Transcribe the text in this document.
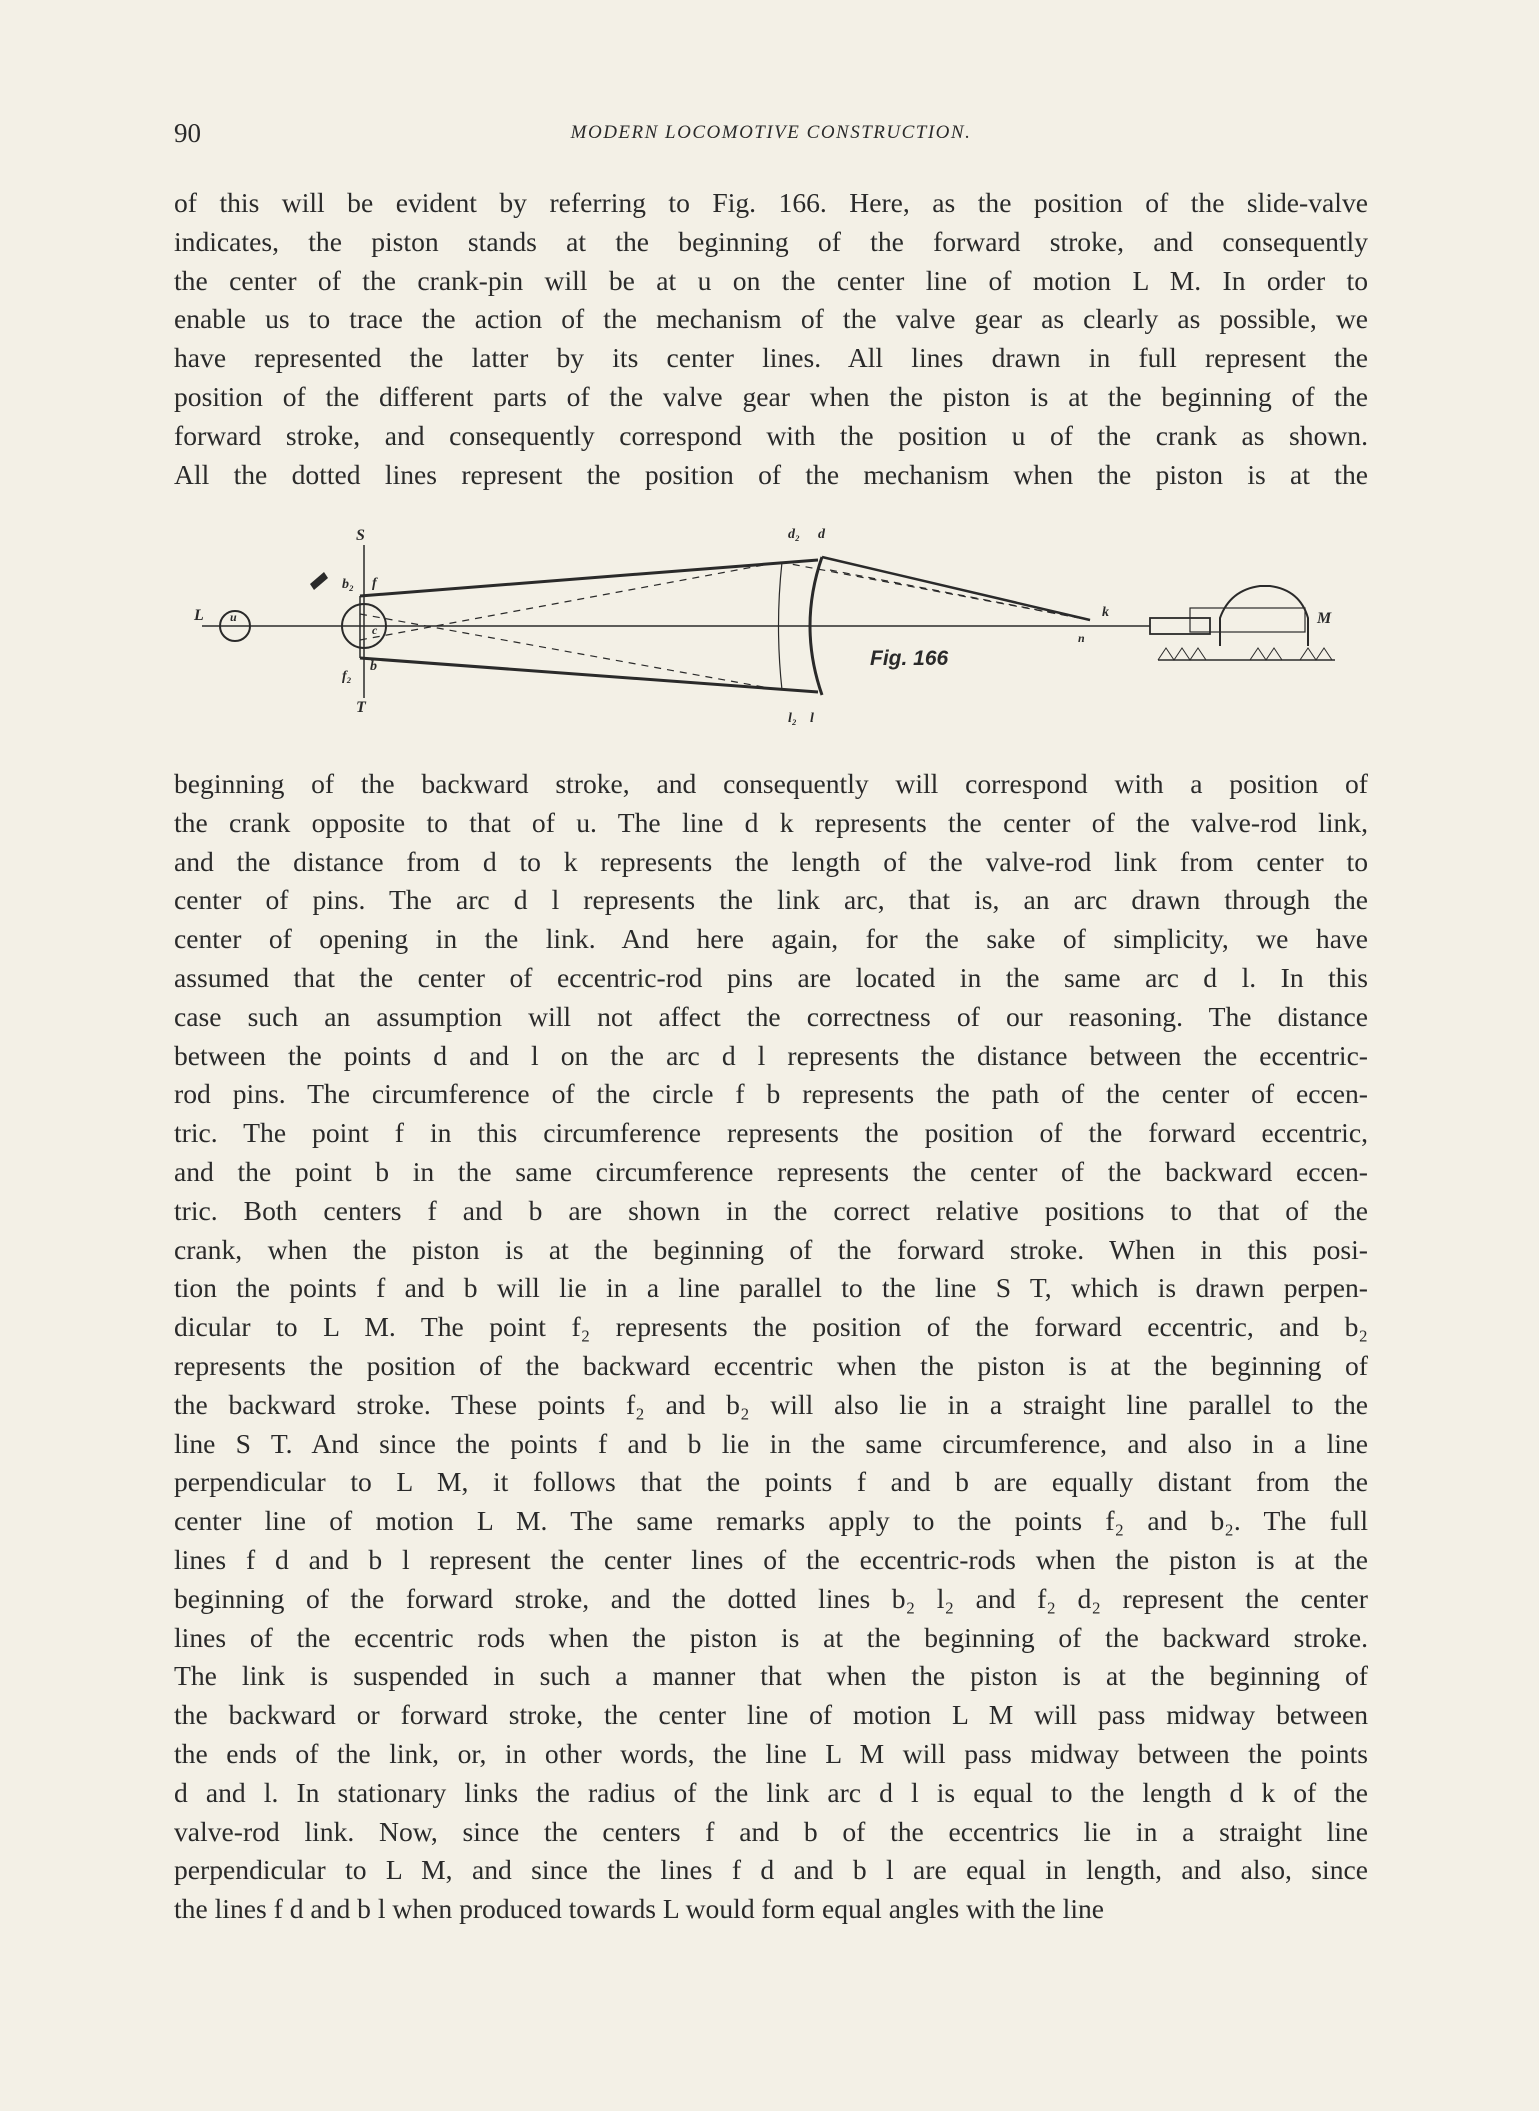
90	MODERN LOCOMOTIVE CONSTRUCTION.

of this will be evident by referring to Fig. 166. Here, as the position of the slide-valve
indicates, the piston stands at the beginning of the forward stroke, and consequently
the center of the crank-pin will be at u on the center line of motion L M. In order to
enable us to trace the action of the mechanism of the valve gear as clearly as possible, we
have represented the latter by its center lines. All lines drawn in full represent the
position of the different parts of the valve gear when the piston is at the beginning of the
forward stroke, and consequently correspond with the position u of the crank as shown.
All the dotted lines represent the position of the mechanism when the piston is at the

S
T
L u	M
b₂ f
c
f₂
b
d₂ d
l₂ l
k
n
Fig. 166

beginning of the backward stroke, and consequently will correspond with a position of
the crank opposite to that of u. The line d k represents the center of the valve-rod link,
and the distance from d to k represents the length of the valve-rod link from center to
center of pins. The arc d l represents the link arc, that is, an arc drawn through the
center of opening in the link. And here again, for the sake of simplicity, we have
assumed that the center of eccentric-rod pins are located in the same arc d l. In this
case such an assumption will not affect the correctness of our reasoning. The distance
between the points d and l on the arc d l represents the distance between the eccentric-
rod pins. The circumference of the circle f b represents the path of the center of eccen-
tric. The point f in this circumference represents the position of the forward eccentric,
and the point b in the same circumference represents the center of the backward eccen-
tric. Both centers f and b are shown in the correct relative positions to that of the
crank, when the piston is at the beginning of the forward stroke. When in this posi-
tion the points f and b will lie in a line parallel to the line S T, which is drawn perpen-
dicular to L M. The point f₂ represents the position of the forward eccentric, and b₂
represents the position of the backward eccentric when the piston is at the beginning of
the backward stroke. These points f₂ and b₂ will also lie in a straight line parallel to the
line S T. And since the points f and b lie in the same circumference, and also in a line
perpendicular to L M, it follows that the points f and b are equally distant from the
center line of motion L M. The same remarks apply to the points f₂ and b₂. The full
lines f d and b l represent the center lines of the eccentric-rods when the piston is at the
beginning of the forward stroke, and the dotted lines b₂ l₂ and f₂ d₂ represent the center
lines of the eccentric rods when the piston is at the beginning of the backward stroke.
The link is suspended in such a manner that when the piston is at the beginning of
the backward or forward stroke, the center line of motion L M will pass midway between
the ends of the link, or, in other words, the line L M will pass midway between the points
d and l. In stationary links the radius of the link arc d l is equal to the length d k of the
valve-rod link. Now, since the centers f and b of the eccentrics lie in a straight line
perpendicular to L M, and since the lines f d and b l are equal in length, and also, since
the lines f d and b l when produced towards L would form equal angles with the line
